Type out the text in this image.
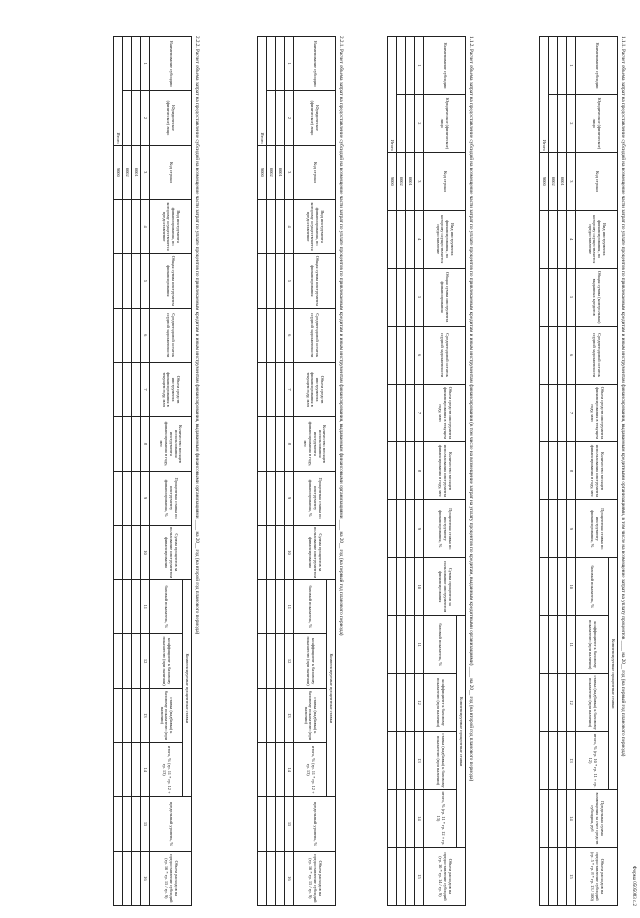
Форма 0505083 с.2
1.1.1. Расчет объема затрат на предоставление субсидий на возмещение части затрат по уплате процентов по привлекаемым кредитам и иным инструментам финансирования, выдаваемым кредитными организациями, в том числе на возмещение затрат на уплату процентов ____ на 20__ год (на первый год планового периода)
Наименование субсидии	Юридическое (физическое) лицо	Код строки	Вид инструмента финансирования, по которому осуществляется предоставление	Общая сумма (контрольная) выданных кредитов	Среднегодовой остаток ссудной задолженности	Объем средств инструмента финансирования в текущем году, млн	Количество месяцев использования инструмента финансирования в году, мес	Процентная ставка по инструменту финансирования, %	Компенсируемые процентные ставки				Предельная сумма возмещения за счет средств субсидии, руб	Объем расходов на предоставление субсидий (гр. 5 * гр. 8 * гр. 13 / 100)
									базовый показатель, %	коэффициент к базовому показателю (при наличии)	ставка (надбавка) к базовому показателю (при наличии)	итого, % (гр. 10 * гр. 11 + гр. 12)		
1	2	3	4	5	6	7	8	9	10	11	12	13	14	15
		0001												
		0002												
Итого		9000												
1.1.2. Расчет объема затрат на предоставление субсидий на возмещение части затрат по уплате процентов по привлекаемым кредитам и иным инструментам финансирования (в том числе на возмещение затрат на уплату процентов по кредитам, выданным кредитными организациями) ____ на 20__ год (на второй год планового периода)
Наименование субсидии	Юридическое (физическое) лицо	Код строки	Вид инструмента финансирования, по которому осуществляется предоставление	Общая сумма инструмента финансирования	Среднегодовой остаток ссудной задолженности	Объем средств инструмента финансирования в текущем году, млн	Количество месяцев использования инструмента финансирования в году, мес	Процентная ставка по инструменту финансирования, %	Сумма процентов за пользование инструментом финансирования	Компенсируемые процентные ставки				Объем расходов на предоставление субсидий (гр. 10 * гр. 14 / гр. 9)
										базовый показатель, %	коэффициент к базовому показателю (при наличии)	ставка (надбавка) к базовому показателю (при наличии)	итого, % (гр. 11 * гр. 12 + гр. 13)	
1	2	3	4	5	6	7	8	9	10	11	12	13	14	15
		0001												
		0002												
Итого		9000												
2.2.1. Расчет объема затрат на предоставление субсидий на возмещение части затрат по уплате процентов по привлекаемым кредитам и иным инструментам финансирования, выдаваемым финансовыми организациями ____ на 20__ год (на первый год планового периода)
Наименование субсидии	Юридическое (физическое) лицо	Код строки	Вид инструмента финансирования, по которому осуществляется предоставление	Общая сумма инструмента финансирования	Среднегодовой остаток ссудной задолженности	Объем средств инструмента финансирования в текущем году, млн	Количество месяцев использования инструмента финансирования в году, мес	Процентная ставка по инструменту финансирования, %	Сумма процентов за пользование инструментом финансирования	Компенсируемые процентные ставки				предельный уровень, %	Объем расходов на предоставление субсидий (гр. 10 * гр. 15 / гр. 9)
										базовый показатель, %	коэффициент к базовому показателю (при наличии)	ставка (надбавка) к базовому показателю (при наличии)	итого, % (гр. 11 * гр. 12 + гр. 13)		
1	2	3	4	5	6	7	8	9	10	11	12	13	14	15	16
		0001													
		0002													
Итого		9000													
2.2.2. Расчет объема затрат на предоставление субсидий на возмещение части затрат по уплате процентов по привлекаемым кредитам и иным инструментам финансирования, выдаваемым финансовыми организациями ____ на 20__ год (на второй год планового периода)
Наименование субсидии	Юридическое (физическое) лицо	Код строки	Вид инструмента финансирования, по которому осуществляется предоставление	Общая сумма инструмента финансирования	Среднегодовой остаток ссудной задолженности	Объем средств инструмента финансирования в текущем году, млн	Количество месяцев использования инструмента финансирования в году, мес	Процентная ставка по инструменту финансирования, %	Сумма процентов за пользование инструментом финансирования	Компенсируемые процентные ставки				предельный уровень, %	Объем расходов на предоставление субсидий (гр. 10 * гр. 15 / гр. 9)
										базовый показатель, %	коэффициент к базовому показателю (при наличии)	ставка (надбавка) к базовому показателю (при наличии)	итого, % (гр. 11 * гр. 12 + гр. 13)		
1	2	3	4	5	6	7	8	9	10	11	12	13	14	15	16
		0001													
		0002													
Итого		9000													
